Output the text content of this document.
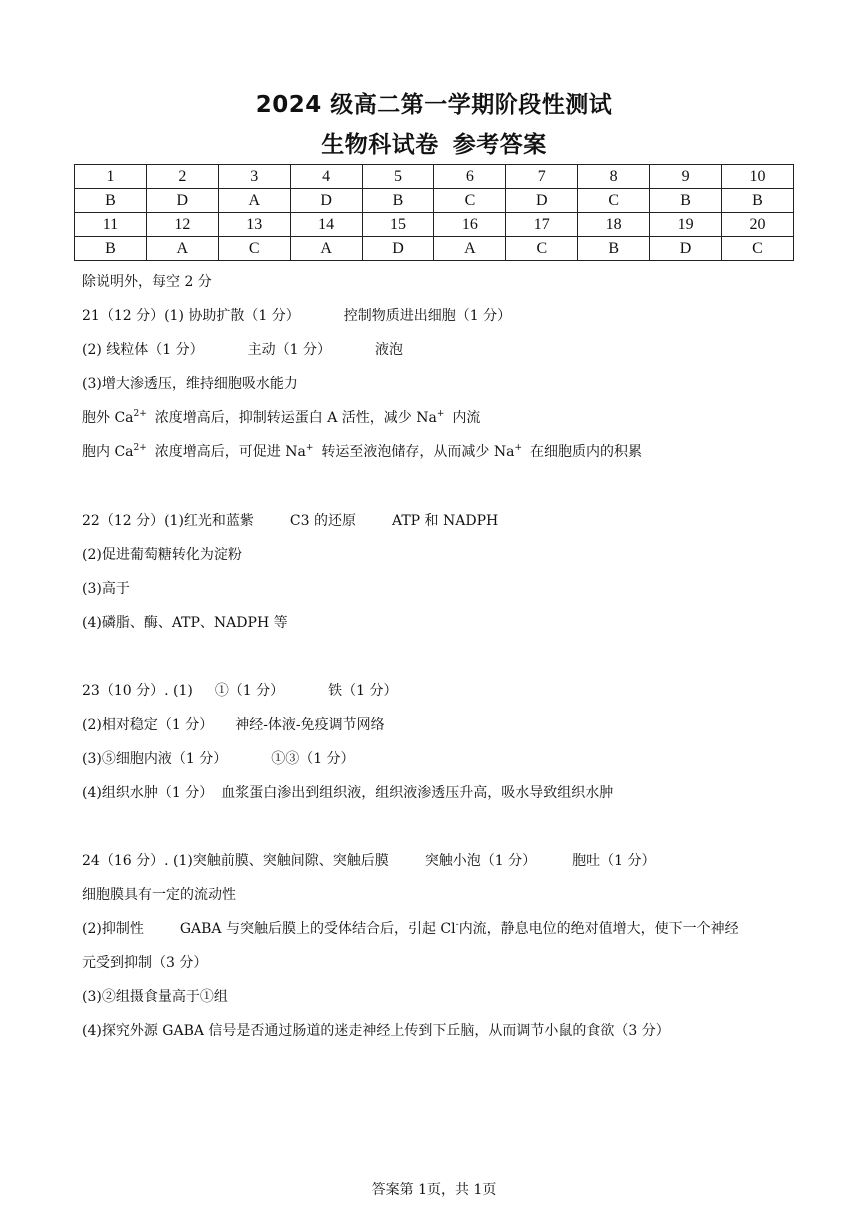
2024 级高二第一学期阶段性测试
生物科试卷 参考答案
1	2	3	4	5	6	7	8	9	10
B	D	A	D	B	C	D	C	B	B
11	12	13	14	15	16	17	18	19	20
B	A	C	A	D	A	C	B	D	C
除说明外，每空 2 分
21（12 分）(1) 协助扩散（1 分）	控制物质进出细胞（1 分）
(2) 线粒体（1 分）	主动（1 分）	液泡
(3)增大渗透压，维持细胞吸水能力
胞外 $Ca^{2+}$ 浓度增高后，抑制转运蛋白 A 活性，减少 Na+ 内流
胞内 $Ca^{2+}$ 浓度增高后，可促进 Na+ 转运至液泡储存，从而减少 Na+ 在细胞质内的积累
22（12 分）(1)红光和蓝紫	C3 的还原	ATP 和 NADPH
(2)促进葡萄糖转化为淀粉
(3)高于
(4)磷脂、酶、ATP、NADPH 等
23（10 分）. (1) ①（1 分）	铁（1 分）
(2)相对稳定（1 分） 神经-体液-免疫调节网络
(3)⑤细胞内液（1 分）	①③（1 分）
(4)组织水肿（1 分） 血浆蛋白渗出到组织液，组织液渗透压升高，吸水导致组织水肿
24（16 分）. (1)突触前膜、突触间隙、突触后膜	突触小泡（1 分）	胞吐（1 分）
细胞膜具有一定的流动性
(2)抑制性	GABA 与突触后膜上的受体结合后，引起 Cl-内流，静息电位的绝对值增大，使下一个神经
元受到抑制（3 分）
(3)②组摄食量高于①组
(4)探究外源 GABA 信号是否通过肠道的迷走神经上传到下丘脑，从而调节小鼠的食欲（3 分）
答案第 1页，共 1页
